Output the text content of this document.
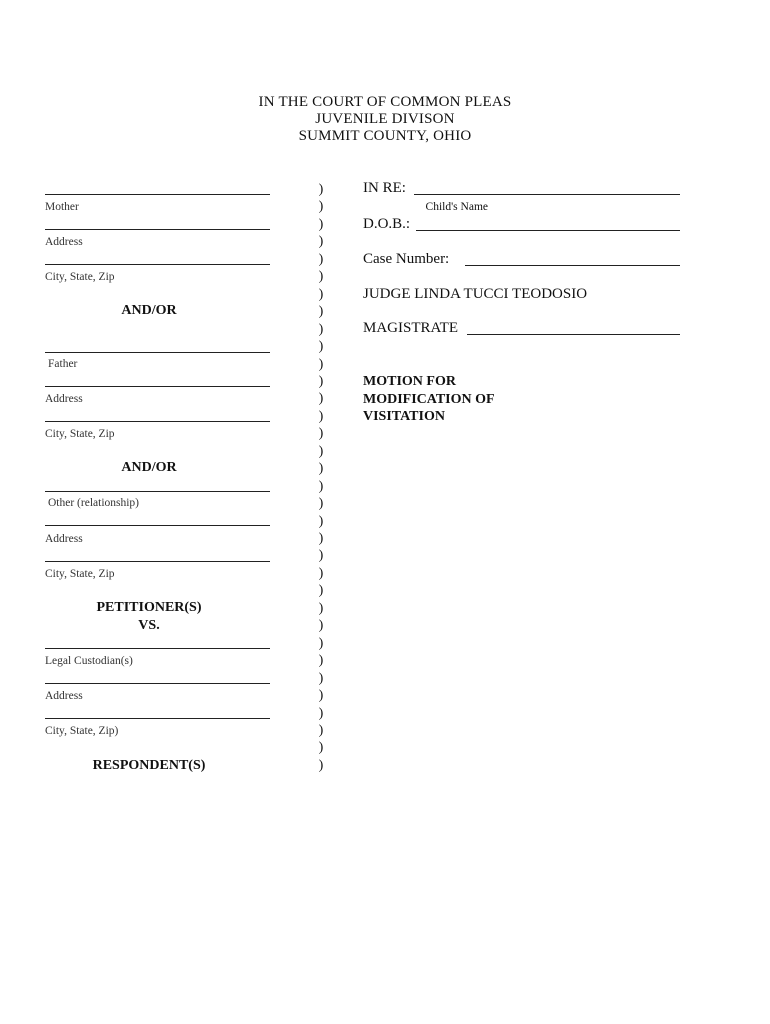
IN THE COURT OF COMMON PLEAS
JUVENILE DIVISON
SUMMIT COUNTY, OHIO
Mother
Address
City, State, Zip
AND/OR
Father
Address
City, State, Zip
AND/OR
Other (relationship)
Address
City, State, Zip
PETITIONER(S)
VS.
Legal Custodian(s)
Address
City, State, Zip)
RESPONDENT(S)
)
)
)
)
)
)
)
)
)
)
)
)
)
)
)
)
)
)
)
)
)
)
)
)
)
)
)
)
)
)
)
)
)
)
IN RE:
Child's Name
D.O.B.:
Case Number:
JUDGE LINDA TUCCI TEODOSIO
MAGISTRATE
MOTION FOR
MODIFICATION OF
VISITATION
